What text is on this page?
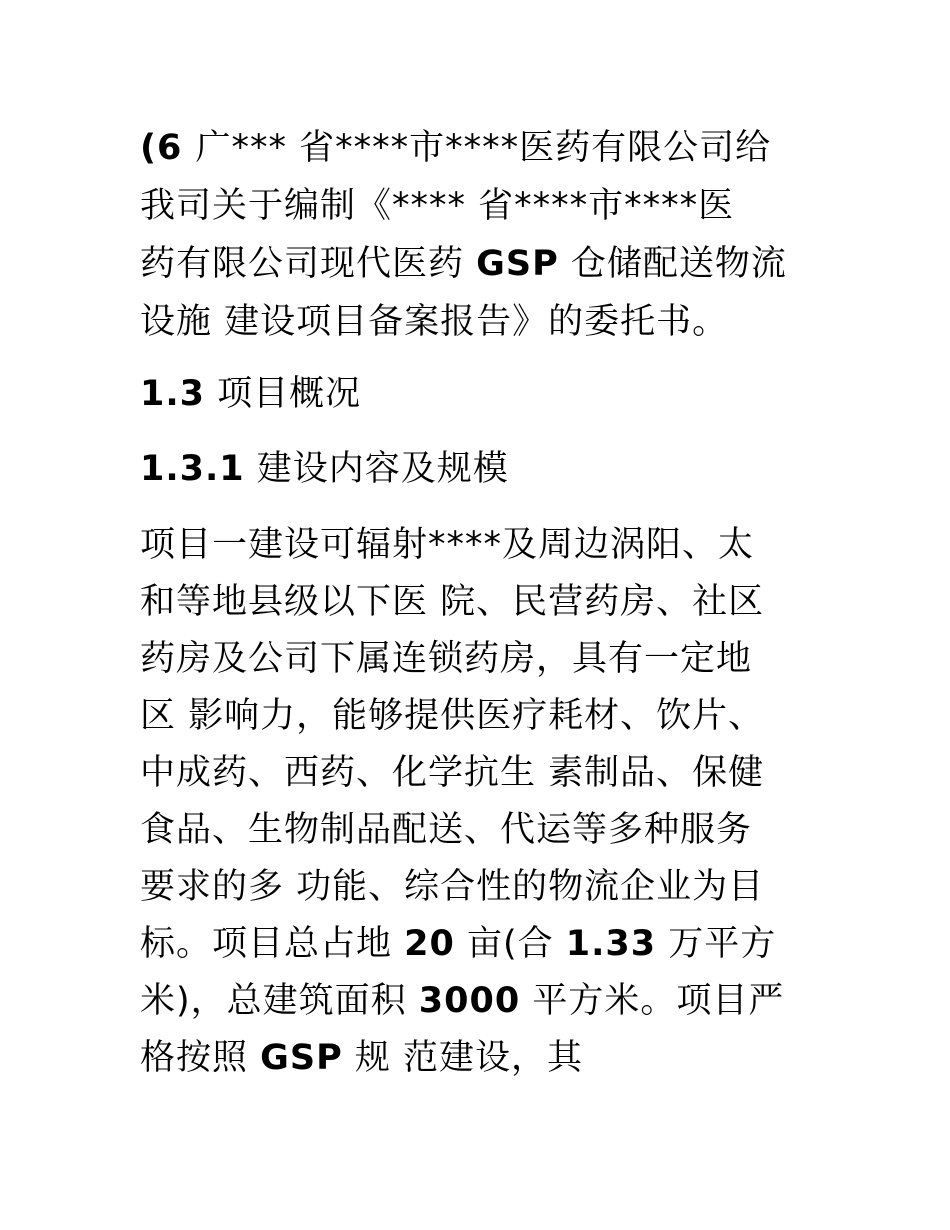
(6 广*** 省****市****医药有限公司给
我司关于编制《**** 省****市****医
药有限公司现代医药 GSP 仓储配送物流
设施 建设项目备案报告》的委托书。
1.3 项目概况
1.3.1 建设内容及规模
项目一建设可辐射****及周边涡阳、太
和等地县级以下医 院、民营药房、社区
药房及公司下属连锁药房，具有一定地
区 影响力，能够提供医疗耗材、饮片、
中成药、西药、化学抗生 素制品、保健
食品、生物制品配送、代运等多种服务
要求的多 功能、综合性的物流企业为目
标。项目总占地 20 亩(合 1.33 万平方
米)，总建筑面积 3000 平方米。项目严
格按照 GSP 规 范建设，其
